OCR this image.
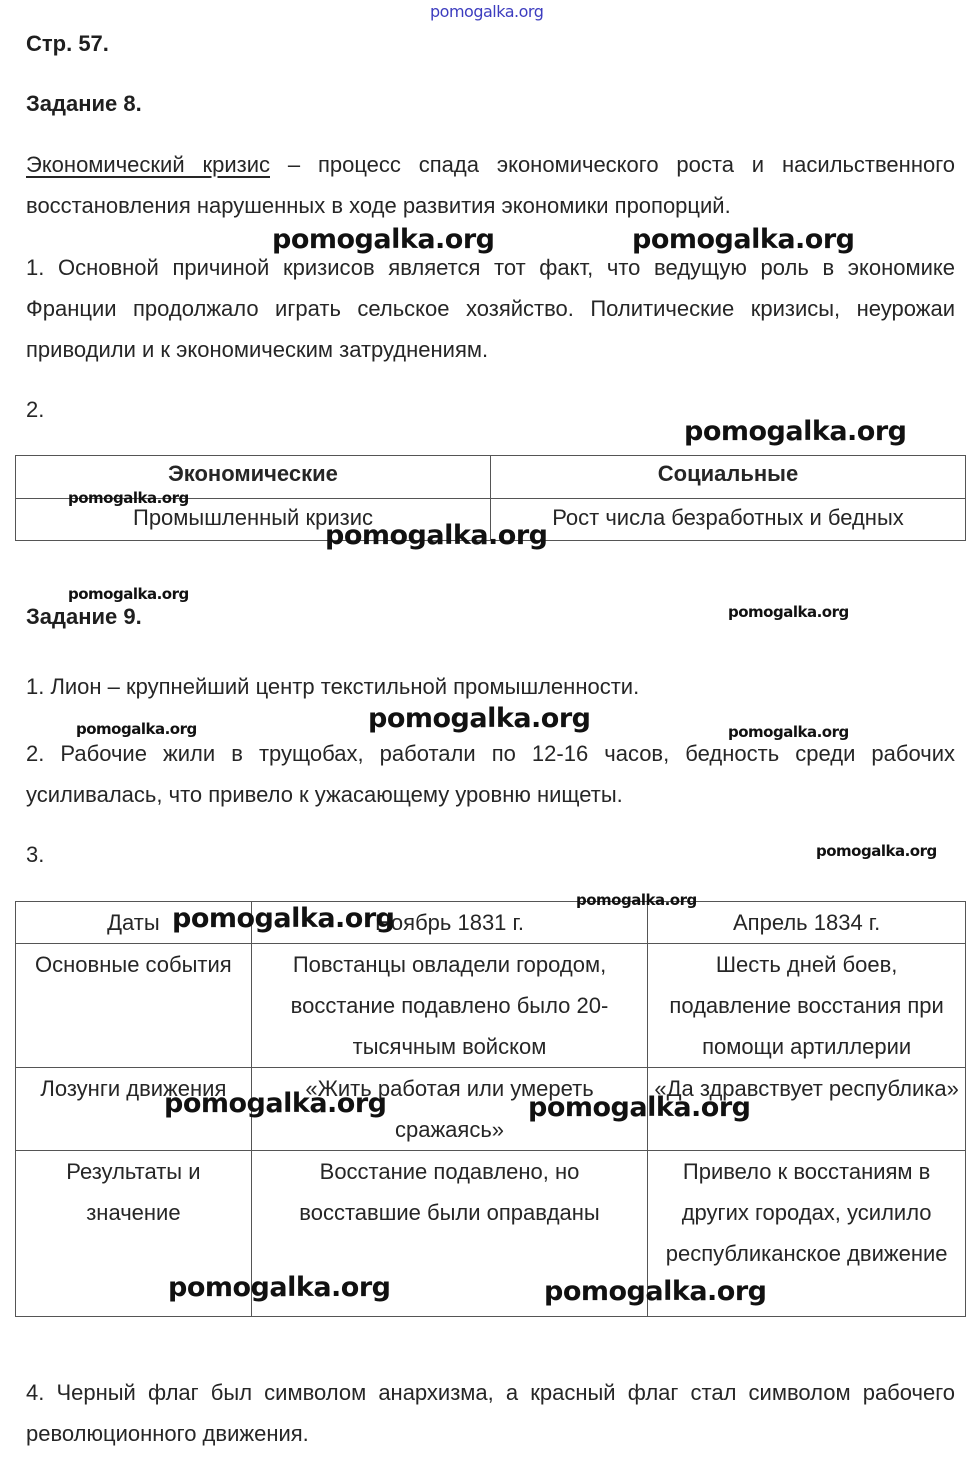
pomogalka.org
Стр. 57.
Задание 8.
Экономический кризис – процесс спада экономического роста и насильственного восстановления нарушенных в ходе развития экономики пропорций.
1. Основной причиной кризисов является тот факт, что ведущую роль в экономике Франции продолжало играть сельское хозяйство. Политические кризисы, неурожаи приводили и к экономическим затруднениям.
2.
Экономические	Социальные
Промышленный кризис	Рост числа безработных и бедных
Задание 9.
1. Лион – крупнейший центр текстильной промышленности.
2. Рабочие жили в трущобах, работали по 12-16 часов, бедность среди рабочих усиливалась, что привело к ужасающему уровню нищеты.
3.
Даты	Ноябрь 1831 г.	Апрель 1834 г.
Основные события	Повстанцы овладели городом, восстание подавлено было 20-тысячным войском	Шесть дней боев, подавление восстания при помощи артиллерии
Лозунги движения	«Жить работая или умереть сражаясь»	«Да здравствует республика»
Результаты и значение	Восстание подавлено, но восставшие были оправданы	Привело к восстаниям в других городах, усилило республиканское движение
4. Черный флаг был символом анархизма, а красный флаг стал символом рабочего революционного движения.
pomogalka.org	pomogalka.org
pomogalka.org
pomogalka.org
pomogalka.org
pomogalka.org
pomogalka.org
pomogalka.org	pomogalka.org	pomogalka.org
pomogalka.org
pomogalka.org
pomogalka.org
pomogalka.org	pomogalka.org
pomogalka.org	pomogalka.org
